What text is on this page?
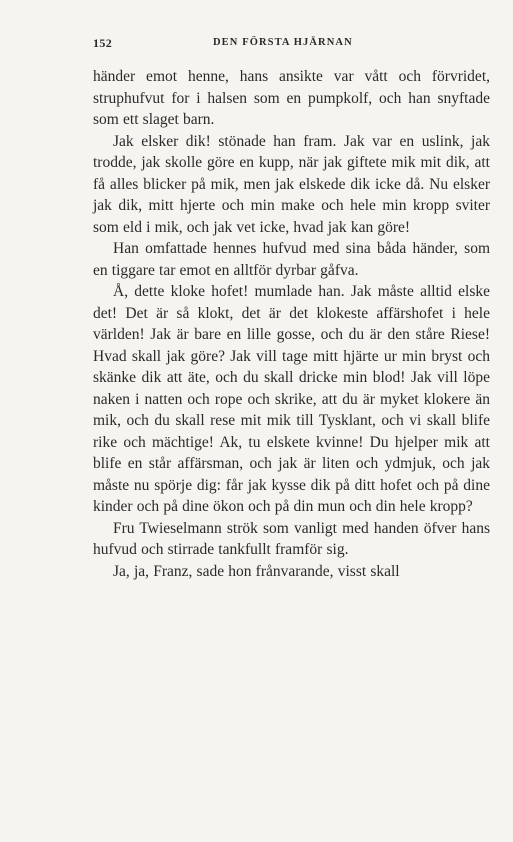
152	DEN FÖRSTA HJÄRNAN

händer emot henne, hans ansikte var vått och förvridet, struphufvut for i halsen som en pumpkolf, och han snyftade som ett slaget barn.

Jak elsker dik! stönade han fram. Jak var en uslink, jak trodde, jak skolle göre en kupp, när jak giftete mik mit dik, att få alles blicker på mik, men jak elskede dik icke då. Nu elsker jak dik, mitt hjerte och min make och hele min kropp sviter som eld i mik, och jak vet icke, hvad jak kan göre!

Han omfattade hennes hufvud med sina båda händer, som en tiggare tar emot en alltför dyrbar gåfva.

Å, dette kloke hofet! mumlade han. Jak måste alltid elske det! Det är så klokt, det är det klokeste affärshofet i hele världen! Jak är bare en lille gosse, och du är den stårе Riese! Hvad skall jak göre? Jak vill tage mitt hjärte ur min bryst och skänke dik att äte, och du skall dricke min blod! Jak vill löpe naken i natten och rope och skrike, att du är myket klokere än mik, och du skall rese mit mik till Tysklant, och vi skall blife rike och mächtige! Ak, tu elskete kvinne! Du hjelper mik att blife en står affärsman, och jak är liten och ydmjuk, och jak måste nu spörje dig: får jak kysse dik på ditt hofet och på dine kinder och på dine ökon och på din mun och din hele kropp?

Fru Twieselmann strök som vanligt med handen öfver hans hufvud och stirrade tankfullt framför sig.

Ja, ja, Franz, sade hon frånvarande, visst skall
